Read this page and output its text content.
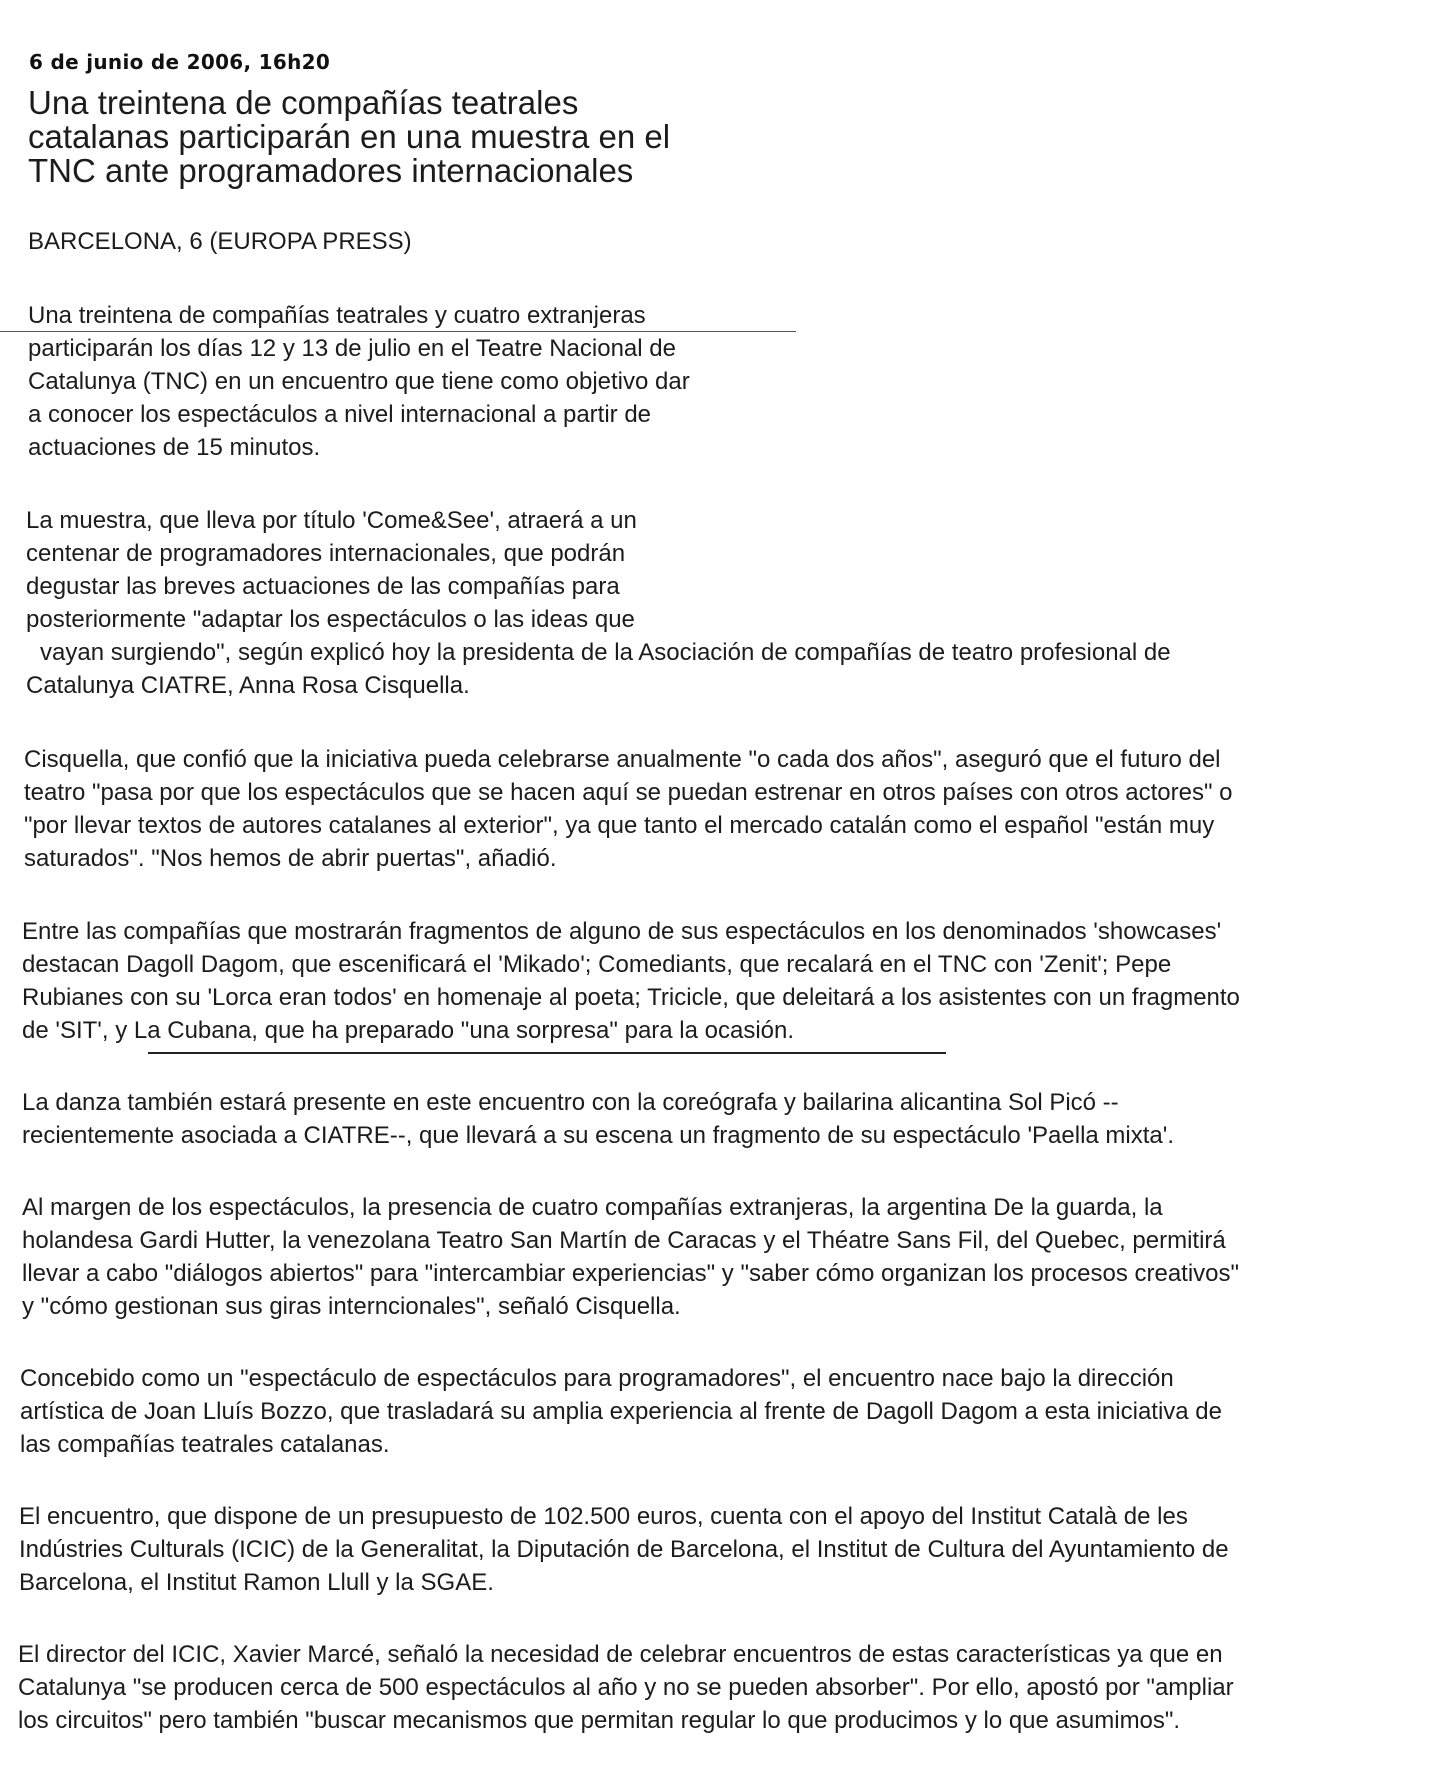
6 de junio de 2006, 16h20
Una treintena de compañías teatrales
catalanas participarán en una muestra en el
TNC ante programadores internacionales
BARCELONA, 6 (EUROPA PRESS)

Una treintena de compañías teatrales y cuatro extranjeras
participarán los días 12 y 13 de julio en el Teatre Nacional de
Catalunya (TNC) en un encuentro que tiene como objetivo dar
a conocer los espectáculos a nivel internacional a partir de
actuaciones de 15 minutos.

La muestra, que lleva por título 'Come&See', atraerá a un
centenar de programadores internacionales, que podrán
degustar las breves actuaciones de las compañías para
posteriormente "adaptar los espectáculos o las ideas que
vayan surgiendo", según explicó hoy la presidenta de la Asociación de compañías de teatro profesional de
Catalunya CIATRE, Anna Rosa Cisquella.

Cisquella, que confió que la iniciativa pueda celebrarse anualmente "o cada dos años", aseguró que el futuro del
teatro "pasa por que los espectáculos que se hacen aquí se puedan estrenar en otros países con otros actores" o
"por llevar textos de autores catalanes al exterior", ya que tanto el mercado catalán como el español "están muy
saturados". "Nos hemos de abrir puertas", añadió.

Entre las compañías que mostrarán fragmentos de alguno de sus espectáculos en los denominados 'showcases'
destacan Dagoll Dagom, que escenificará el 'Mikado'; Comediants, que recalará en el TNC con 'Zenit'; Pepe
Rubianes con su 'Lorca eran todos' en homenaje al poeta; Tricicle, que deleitará a los asistentes con un fragmento
de 'SIT', y La Cubana, que ha preparado "una sorpresa" para la ocasión.

La danza también estará presente en este encuentro con la coreógrafa y bailarina alicantina Sol Picó --
recientemente asociada a CIATRE--, que llevará a su escena un fragmento de su espectáculo 'Paella mixta'.

Al margen de los espectáculos, la presencia de cuatro compañías extranjeras, la argentina De la guarda, la
holandesa Gardi Hutter, la venezolana Teatro San Martín de Caracas y el Théatre Sans Fil, del Quebec, permitirá
llevar a cabo "diálogos abiertos" para "intercambiar experiencias" y "saber cómo organizan los procesos creativos"
y "cómo gestionan sus giras interncionales", señaló Cisquella.

Concebido como un "espectáculo de espectáculos para programadores", el encuentro nace bajo la dirección
artística de Joan Lluís Bozzo, que trasladará su amplia experiencia al frente de Dagoll Dagom a esta iniciativa de
las compañías teatrales catalanas.

El encuentro, que dispone de un presupuesto de 102.500 euros, cuenta con el apoyo del Institut Català de les
Indústries Culturals (ICIC) de la Generalitat, la Diputación de Barcelona, el Institut de Cultura del Ayuntamiento de
Barcelona, el Institut Ramon Llull y la SGAE.

El director del ICIC, Xavier Marcé, señaló la necesidad de celebrar encuentros de estas características ya que en
Catalunya "se producen cerca de 500 espectáculos al año y no se pueden absorber". Por ello, apostó por "ampliar
los circuitos" pero también "buscar mecanismos que permitan regular lo que producimos y lo que asumimos".
